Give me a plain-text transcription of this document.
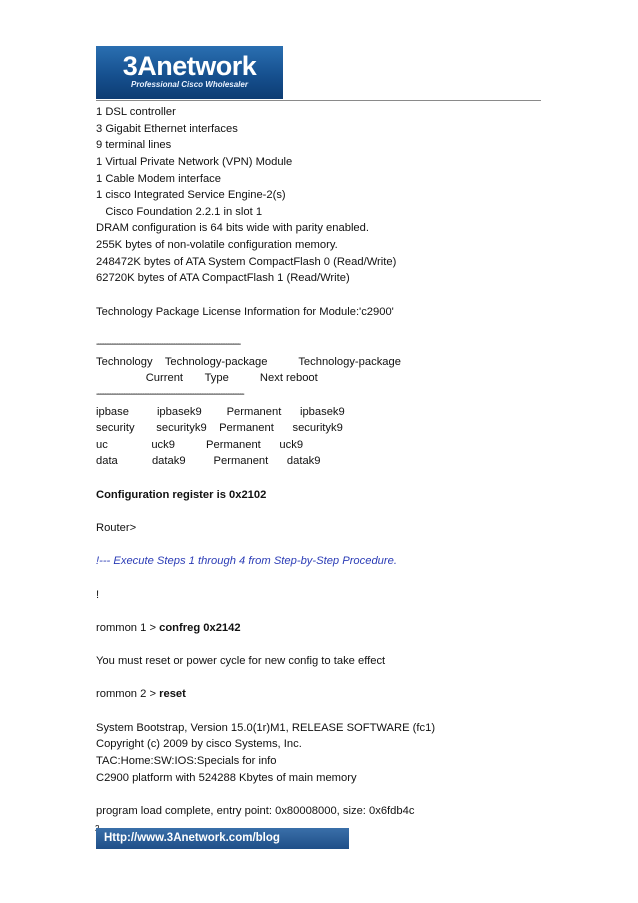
3Anetwork
Professional Cisco Wholesaler
1 DSL controller
3 Gigabit Ethernet interfaces
9 terminal lines
1 Virtual Private Network (VPN) Module
1 Cable Modem interface
1 cisco Integrated Service Engine-2(s)
Cisco Foundation 2.2.1 in slot 1
DRAM configuration is 64 bits wide with parity enabled.
255K bytes of non-volatile configuration memory.
248472K bytes of ATA System CompactFlash 0 (Read/Write)
62720K bytes of ATA CompactFlash 1 (Read/Write)
Technology Package License Information for Module:'c2900'
-----------------------------------------------------------------------------------
Technology    Technology-package          Technology-package
Current       Type          Next reboot
-------------------------------------------------------------------------------------
ipbase         ipbasek9        Permanent      ipbasek9
security       securityk9    Permanent      securityk9
uc              uck9          Permanent      uck9
data           datak9         Permanent      datak9
Configuration register is 0x2102
Router>
!--- Execute Steps 1 through 4 from Step-by-Step Procedure.
!
rommon 1 > confreg 0x2142
You must reset or power cycle for new config to take effect
rommon 2 > reset
System Bootstrap, Version 15.0(1r)M1, RELEASE SOFTWARE (fc1)
Copyright (c) 2009 by cisco Systems, Inc.
TAC:Home:SW:IOS:Specials for info
C2900 platform with 524288 Kbytes of main memory
program load complete, entry point: 0x80008000, size: 0x6fdb4c
Http://www.3Anetwork.com/blog
